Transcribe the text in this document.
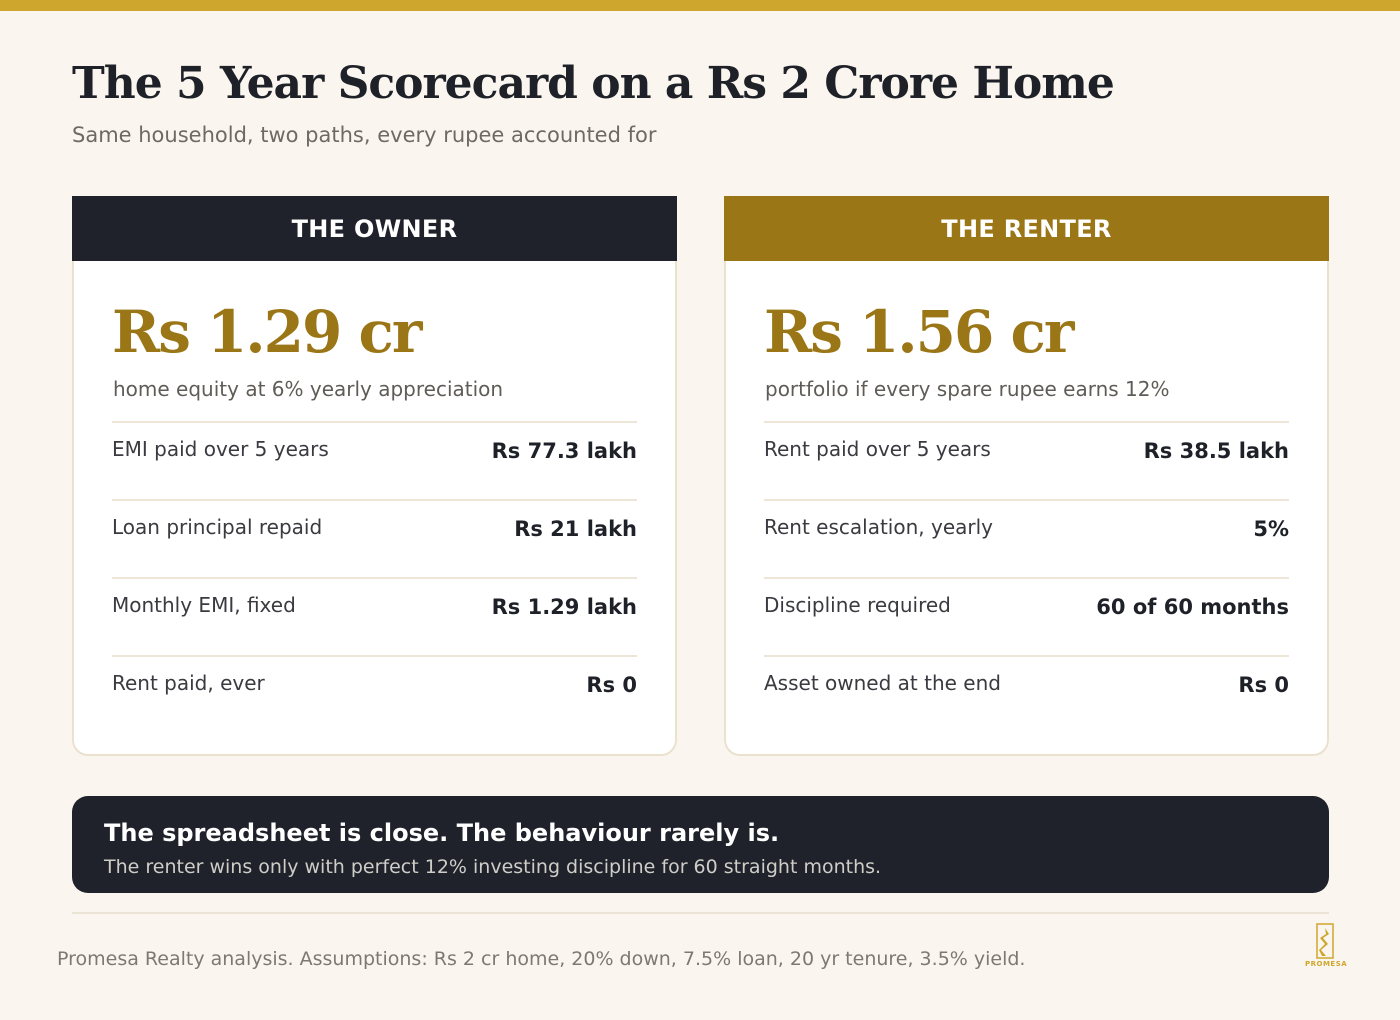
The 5 Year Scorecard on a Rs 2 Crore Home

Same household, two paths, every rupee accounted for

THE OWNER
Rs 1.29 cr
home equity at 6% yearly appreciation
EMI paid over 5 years	Rs 77.3 lakh
Loan principal repaid	Rs 21 lakh
Monthly EMI, fixed	Rs 1.29 lakh
Rent paid, ever	Rs 0
THE RENTER
Rs 1.56 cr
portfolio if every spare rupee earns 12%
Rent paid over 5 years	Rs 38.5 lakh
Rent escalation, yearly	5%
Discipline required	60 of 60 months
Asset owned at the end	Rs 0
The spreadsheet is close. The behaviour rarely is.
The renter wins only with perfect 12% investing discipline for 60 straight months.

Promesa Realty analysis. Assumptions: Rs 2 cr home, 20% down, 7.5% loan, 20 yr tenure, 3.5% yield.	PROMESA
